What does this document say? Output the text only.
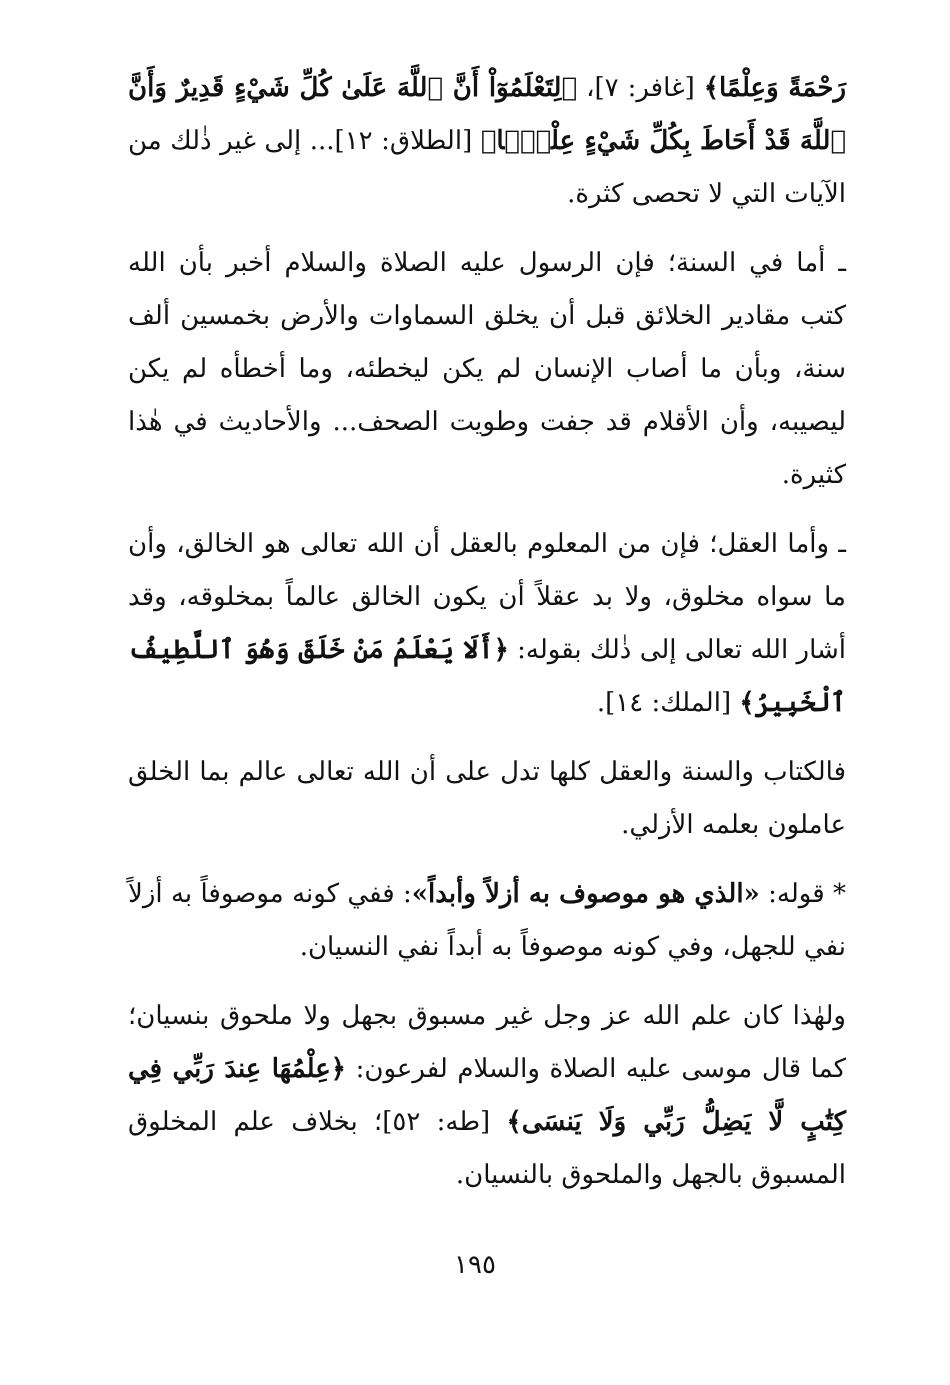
رَحْمَةً وَعِلْمًا﴾ [غافر: ٧]، ﴿لِتَعْلَمُوٓاْ أَنَّ ٱللَّهَ عَلَىٰ كُلِّ شَيْءٍ قَدِيرٌ وَأَنَّ ٱللَّهَ قَدْ أَحَاطَ بِكُلِّ شَيْءٍ عِلْمَۢا﴾ [الطلاق: ١٢]... إلى غير ذٰلك من الآيات التي لا تحصى كثرة.

ـ أما في السنة؛ فإن الرسول عليه الصلاة والسلام أخبر بأن الله كتب مقادير الخلائق قبل أن يخلق السماوات والأرض بخمسين ألف سنة، وبأن ما أصاب الإنسان لم يكن ليخطئه، وما أخطأه لم يكن ليصيبه، وأن الأقلام قد جفت وطويت الصحف... والأحاديث في هٰذا كثيرة.

ـ وأما العقل؛ فإن من المعلوم بالعقل أن الله تعالى هو الخالق، وأن ما سواه مخلوق، ولا بد عقلاً أن يكون الخالق عالماً بمخلوقه، وقد أشار الله تعالى إلى ذٰلك بقوله: ﴿أَلَا يَعْلَمُ مَنْ خَلَقَ وَهُوَ ٱللَّطِيفُ ٱلْخَبِيرُ﴾ [الملك: ١٤].

فالكتاب والسنة والعقل كلها تدل على أن الله تعالى عالم بما الخلق عاملون بعلمه الأزلي.

* قوله: «الذي هو موصوف به أزلاً وأبداً»: ففي كونه موصوفاً به أزلاً نفي للجهل، وفي كونه موصوفاً به أبداً نفي النسيان.

ولهٰذا كان علم الله عز وجل غير مسبوق بجهل ولا ملحوق بنسيان؛ كما قال موسى عليه الصلاة والسلام لفرعون: ﴿عِلْمُهَا عِندَ رَبِّي فِي كِتَٰبٍ لَّا يَضِلُّ رَبِّي وَلَا يَنسَى﴾ [طه: ٥٢]؛ بخلاف علم المخلوق المسبوق بالجهل والملحوق بالنسيان.

١٩٥
